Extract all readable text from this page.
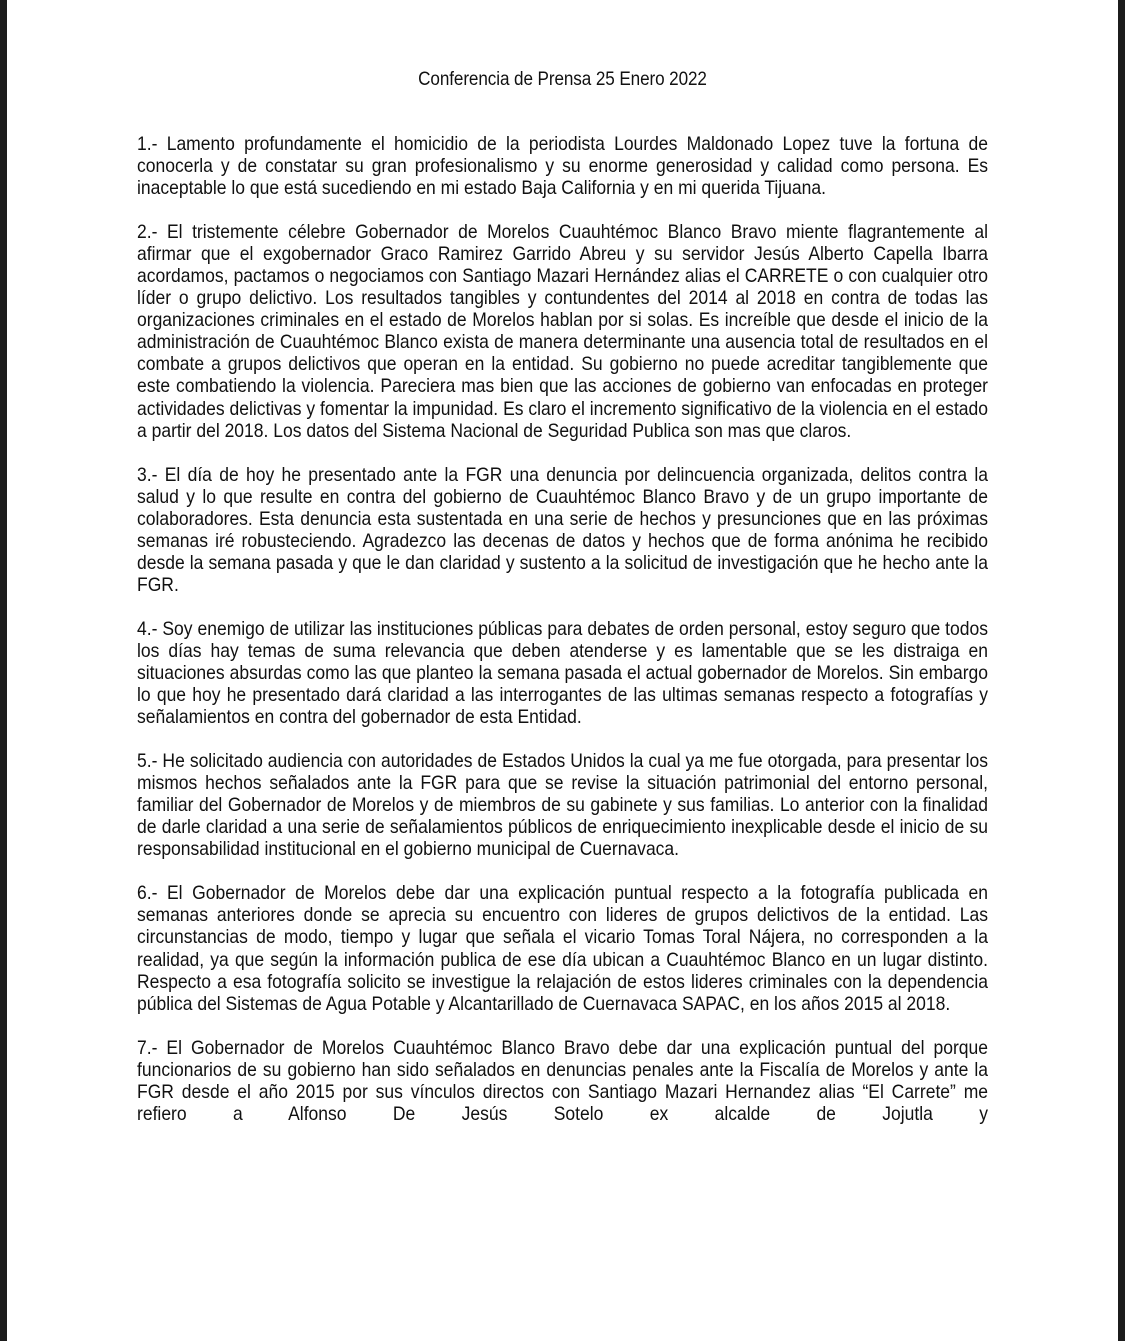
Conferencia de Prensa 25 Enero 2022

1.- Lamento profundamente el homicidio de la periodista Lourdes Maldonado Lopez tuve la fortuna de conocerla y de constatar su gran profesionalismo y su enorme generosidad y calidad como persona. Es inaceptable lo que está sucediendo en mi estado Baja California y en mi querida Tijuana.

2.- El tristemente célebre Gobernador de Morelos Cuauhtémoc Blanco Bravo miente flagrantemente al afirmar que el exgobernador Graco Ramirez Garrido Abreu y su servidor Jesús Alberto Capella Ibarra acordamos, pactamos o negociamos con Santiago Mazari Hernández alias el CARRETE o con cualquier otro líder o grupo delictivo. Los resultados tangibles y contundentes del 2014 al 2018 en contra de todas las organizaciones criminales en el estado de Morelos hablan por si solas. Es increíble que desde el inicio de la administración de Cuauhtémoc Blanco exista de manera determinante una ausencia total de resultados en el combate a grupos delictivos que operan en la entidad. Su gobierno no puede acreditar tangiblemente que este combatiendo la violencia. Pareciera mas bien que las acciones de gobierno van enfocadas en proteger actividades delictivas y fomentar la impunidad. Es claro el incremento significativo de la violencia en el estado a partir del 2018. Los datos del Sistema Nacional de Seguridad Publica son mas que claros.

3.- El día de hoy he presentado ante la FGR una denuncia por delincuencia organizada, delitos contra la salud y lo que resulte en contra del gobierno de Cuauhtémoc Blanco Bravo y de un grupo importante de colaboradores. Esta denuncia esta sustentada en una serie de hechos y presunciones que en las próximas semanas iré robusteciendo. Agradezco las decenas de datos y hechos que de forma anónima he recibido desde la semana pasada y que le dan claridad y sustento a la solicitud de investigación que he hecho ante la FGR.

4.- Soy enemigo de utilizar las instituciones públicas para debates de orden personal, estoy seguro que todos los días hay temas de suma relevancia que deben atenderse y es lamentable que se les distraiga en situaciones absurdas como las que planteo la semana pasada el actual gobernador de Morelos. Sin embargo lo que hoy he presentado dará claridad a las interrogantes de las ultimas semanas respecto a fotografías y señalamientos en contra del gobernador de esta Entidad.

5.- He solicitado audiencia con autoridades de Estados Unidos la cual ya me fue otorgada, para presentar los mismos hechos señalados ante la FGR para que se revise la situación patrimonial del entorno personal, familiar del Gobernador de Morelos y de miembros de su gabinete y sus familias. Lo anterior con la finalidad de darle claridad a una serie de señalamientos públicos de enriquecimiento inexplicable desde el inicio de su responsabilidad institucional en el gobierno municipal de Cuernavaca.

6.- El Gobernador de Morelos debe dar una explicación puntual respecto a la fotografía publicada en semanas anteriores donde se aprecia su encuentro con lideres de grupos delictivos de la entidad. Las circunstancias de modo, tiempo y lugar que señala el vicario Tomas Toral Nájera, no corresponden a la realidad, ya que según la información publica de ese día ubican a Cuauhtémoc Blanco en un lugar distinto. Respecto a esa fotografía solicito se investigue la relajación de estos lideres criminales con la dependencia pública del Sistemas de Agua Potable y Alcantarillado de Cuernavaca SAPAC, en los años 2015 al 2018.

7.- El Gobernador de Morelos Cuauhtémoc Blanco Bravo debe dar una explicación puntual del porque funcionarios de su gobierno han sido señalados en denuncias penales ante la Fiscalía de Morelos y ante la FGR desde el año 2015 por sus vínculos directos con Santiago Mazari Hernandez alias “El Carrete” me refiero a Alfonso De Jesús Sotelo ex alcalde de Jojutla y
